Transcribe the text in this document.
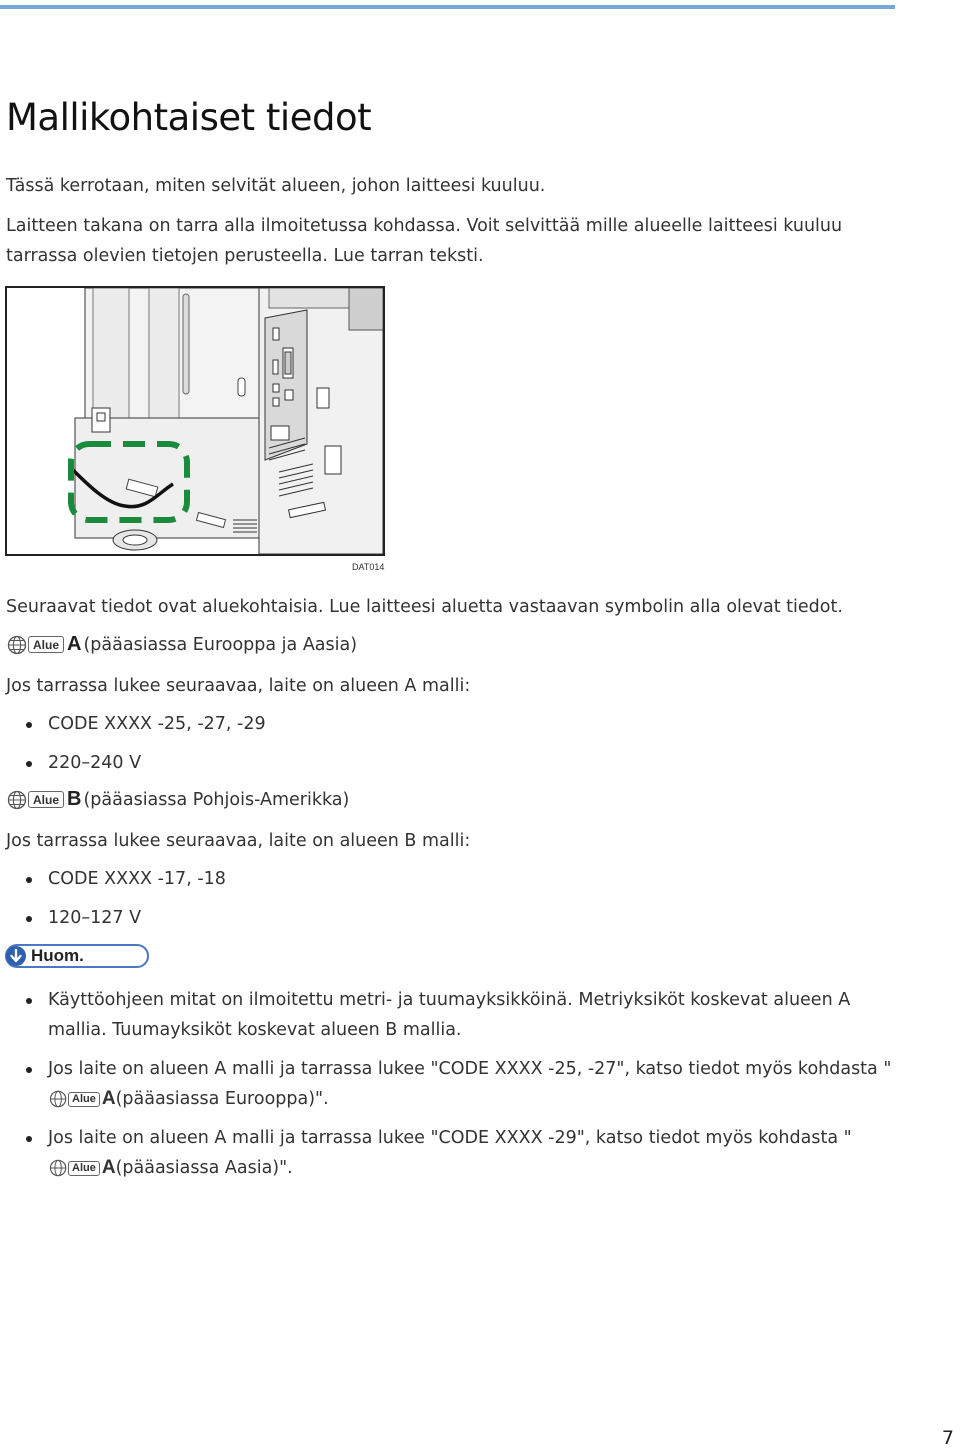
Mallikohtaiset tiedot

Tässä kerrotaan, miten selvität alueen, johon laitteesi kuuluu.

Laitteen takana on tarra alla ilmoitetussa kohdassa. Voit selvittää mille alueelle laitteesi kuuluu tarrassa olevien tietojen perusteella. Lue tarran teksti.

DAT014

Seuraavat tiedot ovat aluekohtaisia. Lue laitteesi aluetta vastaavan symbolin alla olevat tiedot.

Alue A (pääasiassa Eurooppa ja Aasia)

Jos tarrassa lukee seuraavaa, laite on alueen A malli:

CODE XXXX -25, -27, -29
220–240 V
Alue B (pääasiassa Pohjois-Amerikka)

Jos tarrassa lukee seuraavaa, laite on alueen B malli:

CODE XXXX -17, -18
120–127 V
Huom.
Käyttöohjeen mitat on ilmoitettu metri- ja tuumayksikköinä. Metriyksiköt koskevat alueen A mallia. Tuumayksiköt koskevat alueen B mallia.
Jos laite on alueen A malli ja tarrassa lukee "CODE XXXX -25, -27", katso tiedot myös kohdasta "
Alue A (pääasiassa Eurooppa)".
Jos laite on alueen A malli ja tarrassa lukee "CODE XXXX -29", katso tiedot myös kohdasta "
Alue A (pääasiassa Aasia)".
7
